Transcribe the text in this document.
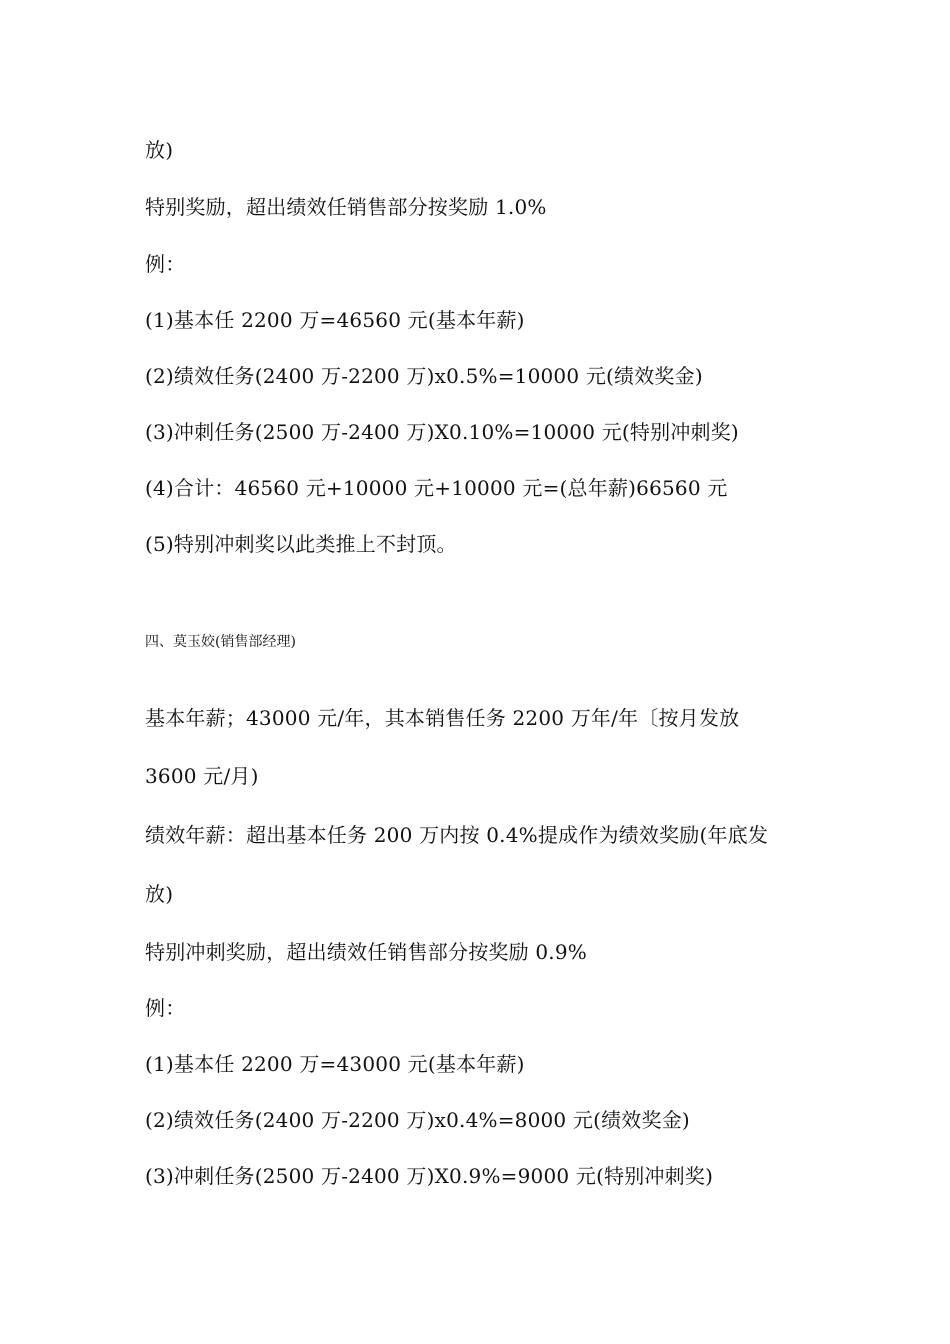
放)
特别奖励，超出绩效任销售部分按奖励 1.0%
例：
(1)基本任 2200 万=46560 元(基本年薪)
(2)绩效任务(2400 万-2200 万)x0.5%=10000 元(绩效奖金)
(3)冲刺任务(2500 万-2400 万)X0.10%=10000 元(特别冲刺奖)
(4)合计：46560 元+10000 元+10000 元=(总年薪)66560 元
(5)特别冲刺奖以此类推上不封顶。
四、莫玉姣(销售部经理)
基本年薪；43000 元/年，其本销售任务 2200 万年/年〔按月发放
3600 元/月)
绩效年薪：超出基本任务 200 万内按 0.4%提成作为绩效奖励(年底发
放)
特别冲刺奖励，超出绩效任销售部分按奖励 0.9%
例：
(1)基本任 2200 万=43000 元(基本年薪)
(2)绩效任务(2400 万-2200 万)x0.4%=8000 元(绩效奖金)
(3)冲刺任务(2500 万-2400 万)X0.9%=9000 元(特别冲刺奖)
